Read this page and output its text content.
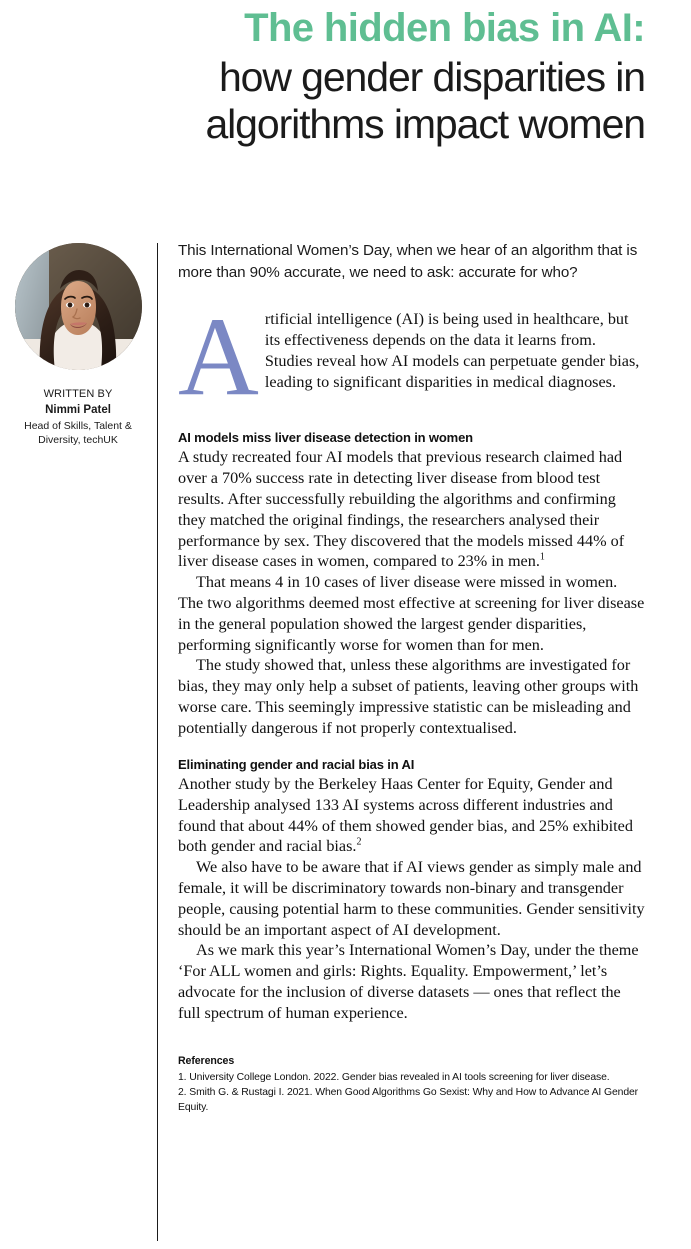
The hidden bias in AI:
how gender disparities in
algorithms impact women
WRITTEN BY
Nimmi Patel
Head of Skills, Talent &
Diversity, techUK

This International Women’s Day, when we hear of an algorithm that is more than 90% accurate, we need to ask: accurate for who?

Artificial intelligence (AI) is being used in healthcare, but its effectiveness depends on the data it learns from. Studies reveal how AI models can perpetuate gender bias, leading to significant disparities in medical diagnoses.

AI models miss liver disease detection in women

A study recreated four AI models that previous research claimed had over a 70% success rate in detecting liver disease from blood test results. After successfully rebuilding the algorithms and confirming they matched the original findings, the researchers analysed their performance by sex. They discovered that the models missed 44% of liver disease cases in women, compared to 23% in men.$^1$

That means 4 in 10 cases of liver disease were missed in women. The two algorithms deemed most effective at screening for liver disease in the general population showed the largest gender disparities, performing significantly worse for women than for men.

The study showed that, unless these algorithms are investigated for bias, they may only help a subset of patients, leaving other groups with worse care. This seemingly impressive statistic can be misleading and potentially dangerous if not properly contextualised.

Eliminating gender and racial bias in AI

Another study by the Berkeley Haas Center for Equity, Gender and Leadership analysed 133 AI systems across different industries and found that about 44% of them showed gender bias, and 25% exhibited both gender and racial bias.$^2$

We also have to be aware that if AI views gender as simply male and female, it will be discriminatory towards non-binary and transgender people, causing potential harm to these communities. Gender sensitivity should be an important aspect of AI development.

As we mark this year’s International Women’s Day, under the theme ‘For ALL women and girls: Rights. Equality. Empowerment,’ let’s advocate for the inclusion of diverse datasets — ones that reflect the full spectrum of human experience.

References
1. University College London. 2022. Gender bias revealed in AI tools screening for liver disease.
2. Smith G. & Rustagi I. 2021. When Good Algorithms Go Sexist: Why and How to Advance AI Gender Equity.
